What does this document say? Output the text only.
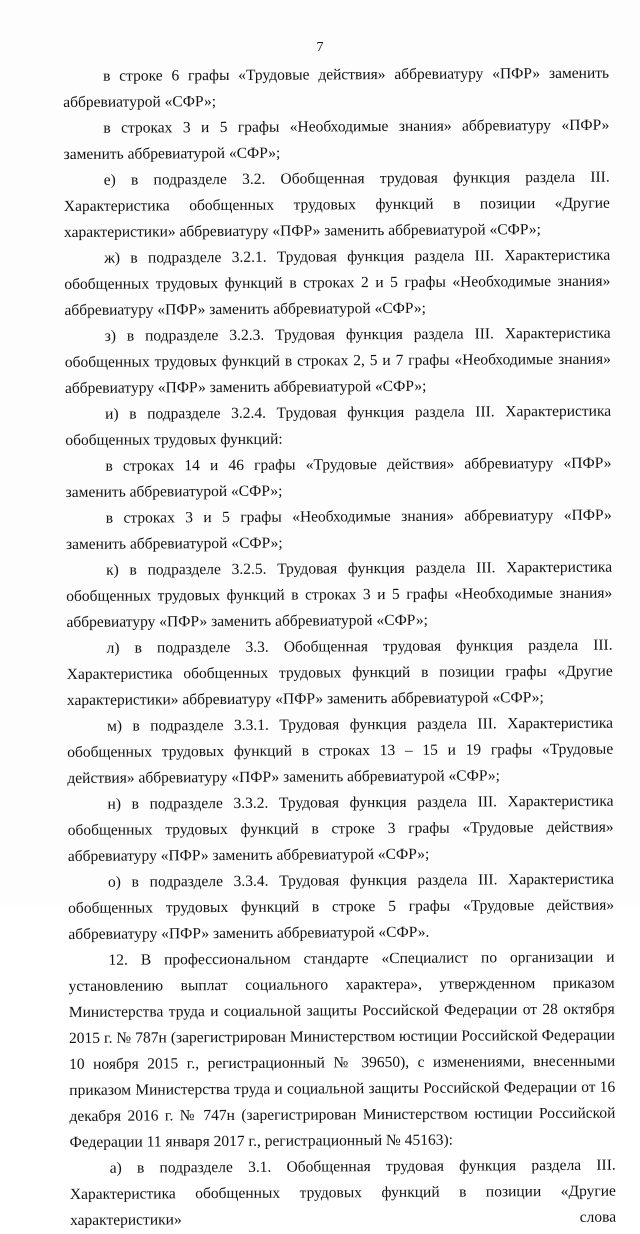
7

в строке 6 графы «Трудовые действия» аббревиатуру «ПФР» заменить аббревиатурой «СФР»;

в строках 3 и 5 графы «Необходимые знания» аббревиатуру «ПФР» заменить аббревиатурой «СФР»;

е) в подразделе 3.2. Обобщенная трудовая функция раздела III. Характеристика обобщенных трудовых функций в позиции «Другие характеристики» аббревиатуру «ПФР» заменить аббревиатурой «СФР»;

ж) в подразделе 3.2.1. Трудовая функция раздела III. Характеристика обобщенных трудовых функций в строках 2 и 5 графы «Необходимые знания» аббревиатуру «ПФР» заменить аббревиатурой «СФР»;

з) в подразделе 3.2.3. Трудовая функция раздела III. Характеристика обобщенных трудовых функций в строках 2, 5 и 7 графы «Необходимые знания» аббревиатуру «ПФР» заменить аббревиатурой «СФР»;

и) в подразделе 3.2.4. Трудовая функция раздела III. Характеристика обобщенных трудовых функций:

в строках 14 и 46 графы «Трудовые действия» аббревиатуру «ПФР» заменить аббревиатурой «СФР»;

в строках 3 и 5 графы «Необходимые знания» аббревиатуру «ПФР» заменить аббревиатурой «СФР»;

к) в подразделе 3.2.5. Трудовая функция раздела III. Характеристика обобщенных трудовых функций в строках 3 и 5 графы «Необходимые знания» аббревиатуру «ПФР» заменить аббревиатурой «СФР»;

л) в подразделе 3.3. Обобщенная трудовая функция раздела III. Характеристика обобщенных трудовых функций в позиции графы «Другие характеристики» аббревиатуру «ПФР» заменить аббревиатурой «СФР»;

м) в подразделе 3.3.1. Трудовая функция раздела III. Характеристика обобщенных трудовых функций в строках 13 – 15 и 19 графы «Трудовые действия» аббревиатуру «ПФР» заменить аббревиатурой «СФР»;

н) в подразделе 3.3.2. Трудовая функция раздела III. Характеристика обобщенных трудовых функций в строке 3 графы «Трудовые действия» аббревиатуру «ПФР» заменить аббревиатурой «СФР»;

о) в подразделе 3.3.4. Трудовая функция раздела III. Характеристика обобщенных трудовых функций в строке 5 графы «Трудовые действия» аббревиатуру «ПФР» заменить аббревиатурой «СФР».

12. В профессиональном стандарте «Специалист по организации и установлению выплат социального характера», утвержденном приказом Министерства труда и социальной защиты Российской Федерации от 28 октября 2015 г. № 787н (зарегистрирован Министерством юстиции Российской Федерации 10 ноября 2015 г., регистрационный № 39650), с изменениями, внесенными приказом Министерства труда и социальной защиты Российской Федерации от 16 декабря 2016 г. № 747н (зарегистрирован Министерством юстиции Российской Федерации 11 января 2017 г., регистрационный № 45163):

а) в подразделе 3.1. Обобщенная трудовая функция раздела III. Характеристика обобщенных трудовых функций в позиции «Другие характеристики» слова
